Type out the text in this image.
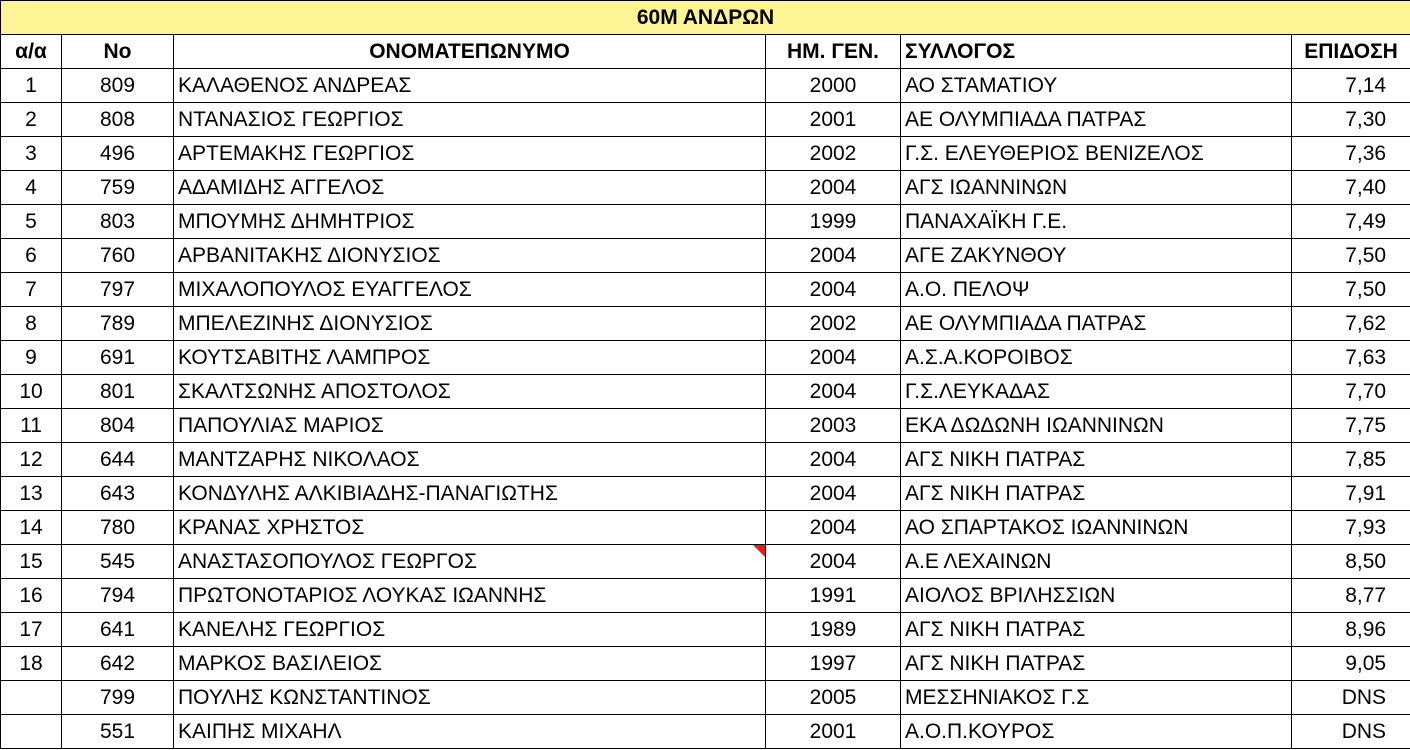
60Μ ΑΝΔΡΩΝ					
α/α	No	ΟΝΟΜΑΤΕΠΩΝΥΜΟ	ΗΜ. ΓΕΝ.	ΣΥΛΛΟΓΟΣ	ΕΠΙΔΟΣΗ
1	809	ΚΑΛΑΘΕΝΟΣ ΑΝΔΡΕΑΣ	2000	ΑΟ ΣΤΑΜΑΤΙΟΥ	7,14
2	808	ΝΤΑΝΑΣΙΟΣ ΓΕΩΡΓΙΟΣ	2001	ΑΕ ΟΛΥΜΠΙΑΔΑ ΠΑΤΡΑΣ	7,30
3	496	ΑΡΤΕΜΑΚΗΣ ΓΕΩΡΓΙΟΣ	2002	Γ.Σ. ΕΛΕΥΘΕΡΙΟΣ ΒΕΝΙΖΕΛΟΣ	7,36
4	759	ΑΔΑΜΙΔΗΣ ΑΓΓΕΛΟΣ	2004	ΑΓΣ ΙΩΑΝΝΙΝΩΝ	7,40
5	803	ΜΠΟΥΜΗΣ ΔΗΜΗΤΡΙΟΣ	1999	ΠΑΝΑΧΑΪΚΗ Γ.Ε.	7,49
6	760	ΑΡΒΑΝΙΤΑΚΗΣ ΔΙΟΝΥΣΙΟΣ	2004	ΑΓΕ ΖΑΚΥΝΘΟΥ	7,50
7	797	ΜΙΧΑΛΟΠΟΥΛΟΣ ΕΥΑΓΓΕΛΟΣ	2004	Α.Ο. ΠΕΛΟΨ	7,50
8	789	ΜΠΕΛΕΖΙΝΗΣ ΔΙΟΝΥΣΙΟΣ	2002	ΑΕ ΟΛΥΜΠΙΑΔΑ ΠΑΤΡΑΣ	7,62
9	691	ΚΟΥΤΣΑΒΙΤΗΣ ΛΑΜΠΡΟΣ	2004	Α.Σ.Α.ΚΟΡΟΙΒΟΣ	7,63
10	801	ΣΚΑΛΤΣΩΝΗΣ ΑΠΟΣΤΟΛΟΣ	2004	Γ.Σ.ΛΕΥΚΑΔΑΣ	7,70
11	804	ΠΑΠΟΥΛΙΑΣ ΜΑΡΙΟΣ	2003	ΕΚΑ ΔΩΔΩΝΗ ΙΩΑΝΝΙΝΩΝ	7,75
12	644	ΜΑΝΤΖΑΡΗΣ ΝΙΚΟΛΑΟΣ	2004	ΑΓΣ ΝΙΚΗ ΠΑΤΡΑΣ	7,85
13	643	ΚΟΝΔΥΛΗΣ ΑΛΚΙΒΙΑΔΗΣ-ΠΑΝΑΓΙΩΤΗΣ	2004	ΑΓΣ ΝΙΚΗ ΠΑΤΡΑΣ	7,91
14	780	ΚΡΑΝΑΣ ΧΡΗΣΤΟΣ	2004	ΑΟ ΣΠΑΡΤΑΚΟΣ ΙΩΑΝΝΙΝΩΝ	7,93
15	545	ΑΝΑΣΤΑΣΟΠΟΥΛΟΣ ΓΕΩΡΓΟΣ	2004	Α.Ε ΛΕΧΑΙΝΩΝ	8,50
16	794	ΠΡΩΤΟΝΟΤΑΡΙΟΣ ΛΟΥΚΑΣ ΙΩΑΝΝΗΣ	1991	ΑΙΟΛΟΣ ΒΡΙΛΗΣΣΙΩΝ	8,77
17	641	ΚΑΝΕΛΗΣ ΓΕΩΡΓΙΟΣ	1989	ΑΓΣ ΝΙΚΗ ΠΑΤΡΑΣ	8,96
18	642	ΜΑΡΚΟΣ ΒΑΣΙΛΕΙΟΣ	1997	ΑΓΣ ΝΙΚΗ ΠΑΤΡΑΣ	9,05
	799	ΠΟΥΛΗΣ ΚΩΝΣΤΑΝΤΙΝΟΣ	2005	ΜΕΣΣΗΝΙΑΚΟΣ Γ.Σ	DNS
	551	ΚΑΙΠΗΣ ΜΙΧΑΗΛ	2001	Α.Ο.Π.ΚΟΥΡΟΣ	DNS
